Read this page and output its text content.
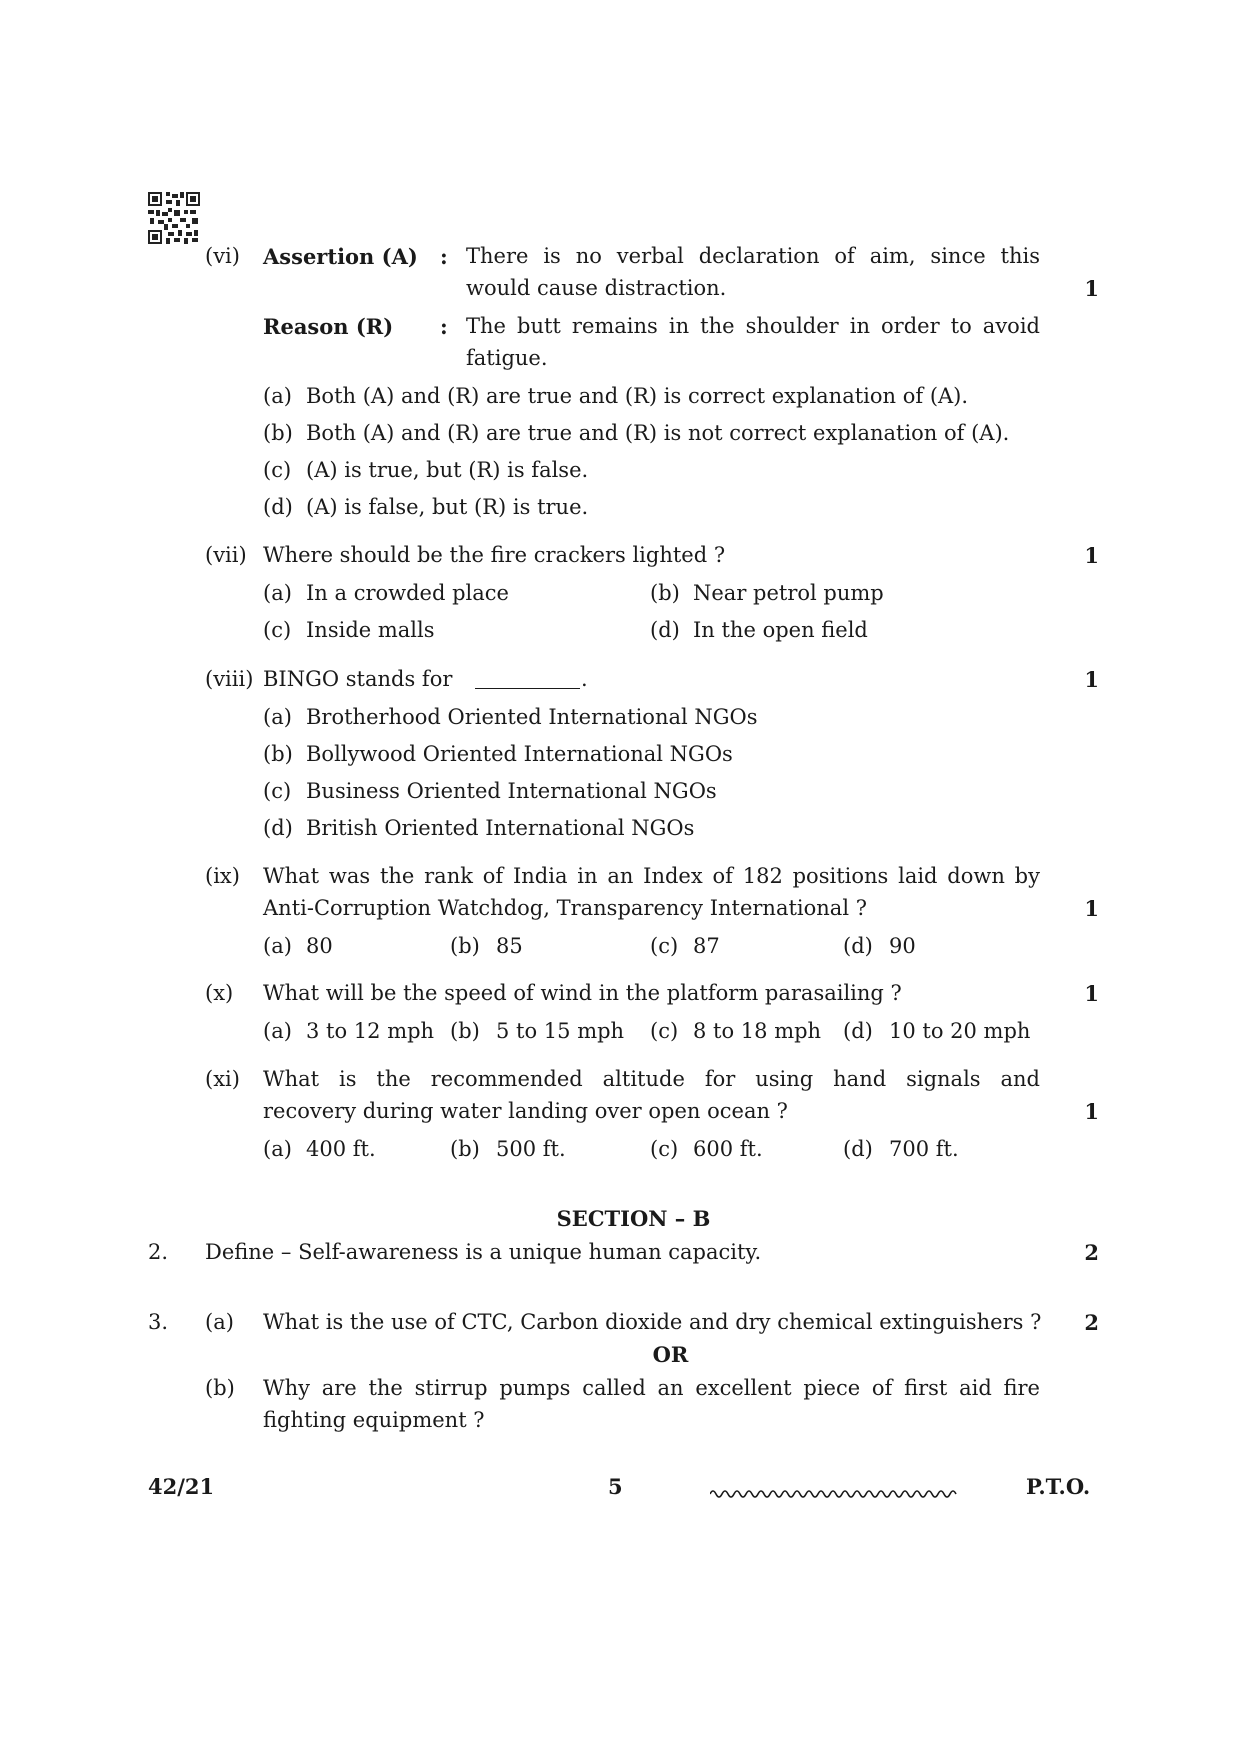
(vi) Assertion (A) : There is no verbal declaration of aim, since this
would cause distraction.	1
Reason (R) : The butt remains in the shoulder in order to avoid
fatigue.
(a) Both (A) and (R) are true and (R) is correct explanation of (A).
(b) Both (A) and (R) are true and (R) is not correct explanation of (A).
(c) (A) is true, but (R) is false.
(d) (A) is false, but (R) is true.
(vii) Where should be the fire crackers lighted ?	1
(a) In a crowded place	(b) Near petrol pump
(c) Inside malls	(d) In the open field
(viii) BINGO stands for	.	1
(a) Brotherhood Oriented International NGOs
(b) Bollywood Oriented International NGOs
(c) Business Oriented International NGOs
(d) British Oriented International NGOs
(ix) What was the rank of India in an Index of 182 positions laid down by
Anti-Corruption Watchdog, Transparency International ?	1
(a) 80	(b) 85	(c) 87	(d) 90
(x) What will be the speed of wind in the platform parasailing ?	1
(a) 3 to 12 mph (b) 5 to 15 mph (c) 8 to 18 mph (d) 10 to 20 mph
(xi) What is the recommended altitude for using hand signals and
recovery during water landing over open ocean ?	1
(a) 400 ft.	(b) 500 ft.	(c) 600 ft.	(d) 700 ft.
SECTION – B
2. Define – Self-awareness is a unique human capacity.	2
3. (a) What is the use of CTC, Carbon dioxide and dry chemical extinguishers ?	2
OR
(b) Why are the stirrup pumps called an excellent piece of first aid fire
fighting equipment ?
42/21	5	P.T.O.
